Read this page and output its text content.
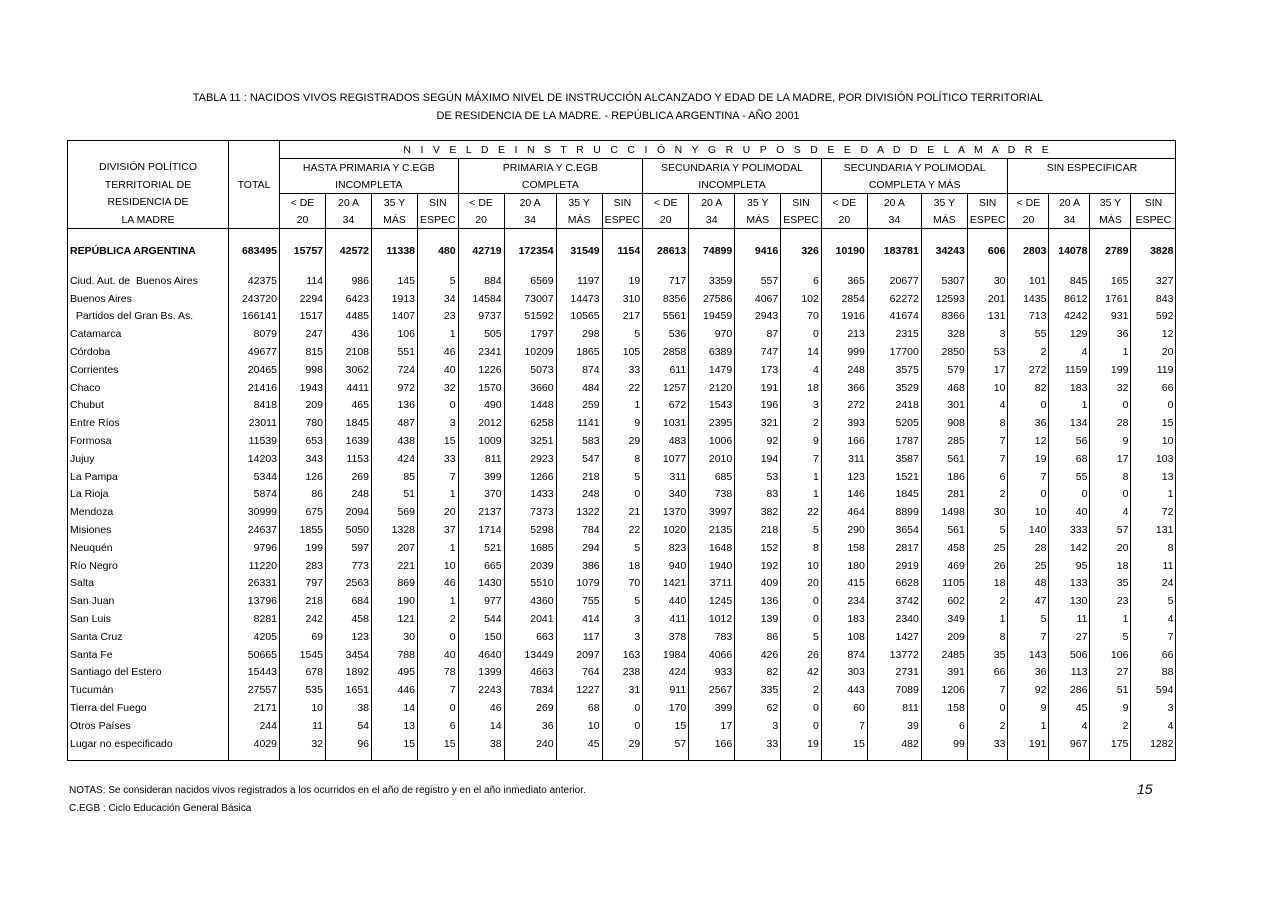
TABLA 11 : NACIDOS VIVOS REGISTRADOS SEGÚN MÁXIMO NIVEL DE INSTRUCCIÓN ALCANZADO Y EDAD DE LA MADRE, POR DIVISIÓN POLÍTICO TERRITORIAL
DE RESIDENCIA DE LA MADRE. - REPÚBLICA ARGENTINA - AÑO 2001
		N I V E L D E I N S T R U C C I Ó N Y G R U P O S D E E D A D D E L A M A D R E																			
DIVISIÓN POLÍTICO		HASTA PRIMARIA Y C.EGB				PRIMARIA Y C.EGB				SECUNDARIA Y POLIMODAL				SECUNDARIA Y POLIMODAL				SIN ESPECIFICAR			
TERRITORIAL DE	TOTAL	INCOMPLETA				COMPLETA				INCOMPLETA				COMPLETA Y MÁS							
RESIDENCIA DE		< DE	20 A	35 Y	SIN	< DE	20 A	35 Y	SIN	< DE	20 A	35 Y	SIN	< DE	20 A	35 Y	SIN	< DE	20 A	35 Y	SIN
LA MADRE		20	34	MÁS	ESPEC	20	34	MÁS	ESPEC	20	34	MÁS	ESPEC	20	34	MÁS	ESPEC	20	34	MÁS	ESPEC

REPÚBLICA ARGENTINA	683495	15757	42572	11338	480	42719	172354	31549	1154	28613	74899	9416	326	10190	183781	34243	606	2803	14078	2789	3828

Ciud. Aut. de  Buenos Aires	42375	114	986	145	5	884	6569	1197	19	717	3359	557	6	365	20677	5307	30	101	845	165	327
Buenos Aires	243720	2294	6423	1913	34	14584	73007	14473	310	8356	27586	4067	102	2854	62272	12593	201	1435	8612	1761	843
Partidos del Gran Bs. As.	166141	1517	4485	1407	23	9737	51592	10565	217	5561	19459	2943	70	1916	41674	8366	131	713	4242	931	592
Catamarca	8079	247	436	106	1	505	1797	298	5	536	970	87	0	213	2315	328	3	55	129	36	12
Córdoba	49677	815	2108	551	46	2341	10209	1865	105	2858	6389	747	14	999	17700	2850	53	2	4	1	20
Corrientes	20465	998	3062	724	40	1226	5073	874	33	611	1479	173	4	248	3575	579	17	272	1159	199	119
Chaco	21416	1943	4411	972	32	1570	3660	484	22	1257	2120	191	18	366	3529	468	10	82	183	32	66
Chubut	8418	209	465	136	0	490	1448	259	1	672	1543	196	3	272	2418	301	4	0	1	0	0
Entre Ríos	23011	780	1845	487	3	2012	6258	1141	9	1031	2395	321	2	393	5205	908	8	36	134	28	15
Formosa	11539	653	1639	438	15	1009	3251	583	29	483	1006	92	9	166	1787	285	7	12	56	9	10
Jujuy	14203	343	1153	424	33	811	2923	547	8	1077	2010	194	7	311	3587	561	7	19	68	17	103
La Pampa	5344	126	269	85	7	399	1266	218	5	311	685	53	1	123	1521	186	6	7	55	8	13
La Rioja	5874	86	248	51	1	370	1433	248	0	340	738	83	1	146	1845	281	2	0	0	0	1
Mendoza	30999	675	2094	569	20	2137	7373	1322	21	1370	3997	382	22	464	8899	1498	30	10	40	4	72
Misiones	24637	1855	5050	1328	37	1714	5298	784	22	1020	2135	218	5	290	3654	561	5	140	333	57	131
Neuquén	9796	199	597	207	1	521	1685	294	5	823	1648	152	8	158	2817	458	25	28	142	20	8
Río Negro	11220	283	773	221	10	665	2039	386	18	940	1940	192	10	180	2919	469	26	25	95	18	11
Salta	26331	797	2563	869	46	1430	5510	1079	70	1421	3711	409	20	415	6628	1105	18	48	133	35	24
San Juan	13796	218	684	190	1	977	4360	755	5	440	1245	136	0	234	3742	602	2	47	130	23	5
San Luis	8281	242	458	121	2	544	2041	414	3	411	1012	139	0	183	2340	349	1	5	11	1	4
Santa Cruz	4205	69	123	30	0	150	663	117	3	378	783	86	5	108	1427	209	8	7	27	5	7
Santa Fe	50665	1545	3454	788	40	4640	13449	2097	163	1984	4066	426	26	874	13772	2485	35	143	506	106	66
Santiago del Estero	15443	678	1892	495	78	1399	4663	764	238	424	933	82	42	303	2731	391	66	36	113	27	88
Tucumán	27557	535	1651	446	7	2243	7834	1227	31	911	2567	335	2	443	7089	1206	7	92	286	51	594
Tierra del Fuego	2171	10	38	14	0	46	269	68	0	170	399	62	0	60	811	158	0	9	45	9	3
Otros Países	244	11	54	13	6	14	36	10	0	15	17	3	0	7	39	6	2	1	4	2	4
Lugar no especificado	4029	32	96	15	15	38	240	45	29	57	166	33	19	15	482	99	33	191	967	175	1282

NOTAS: Se consideran nacidos vivos registrados a los ocurridos en el año de registro y en el año inmediato anterior.
C.EGB : Ciclo Educación General Básica
15
